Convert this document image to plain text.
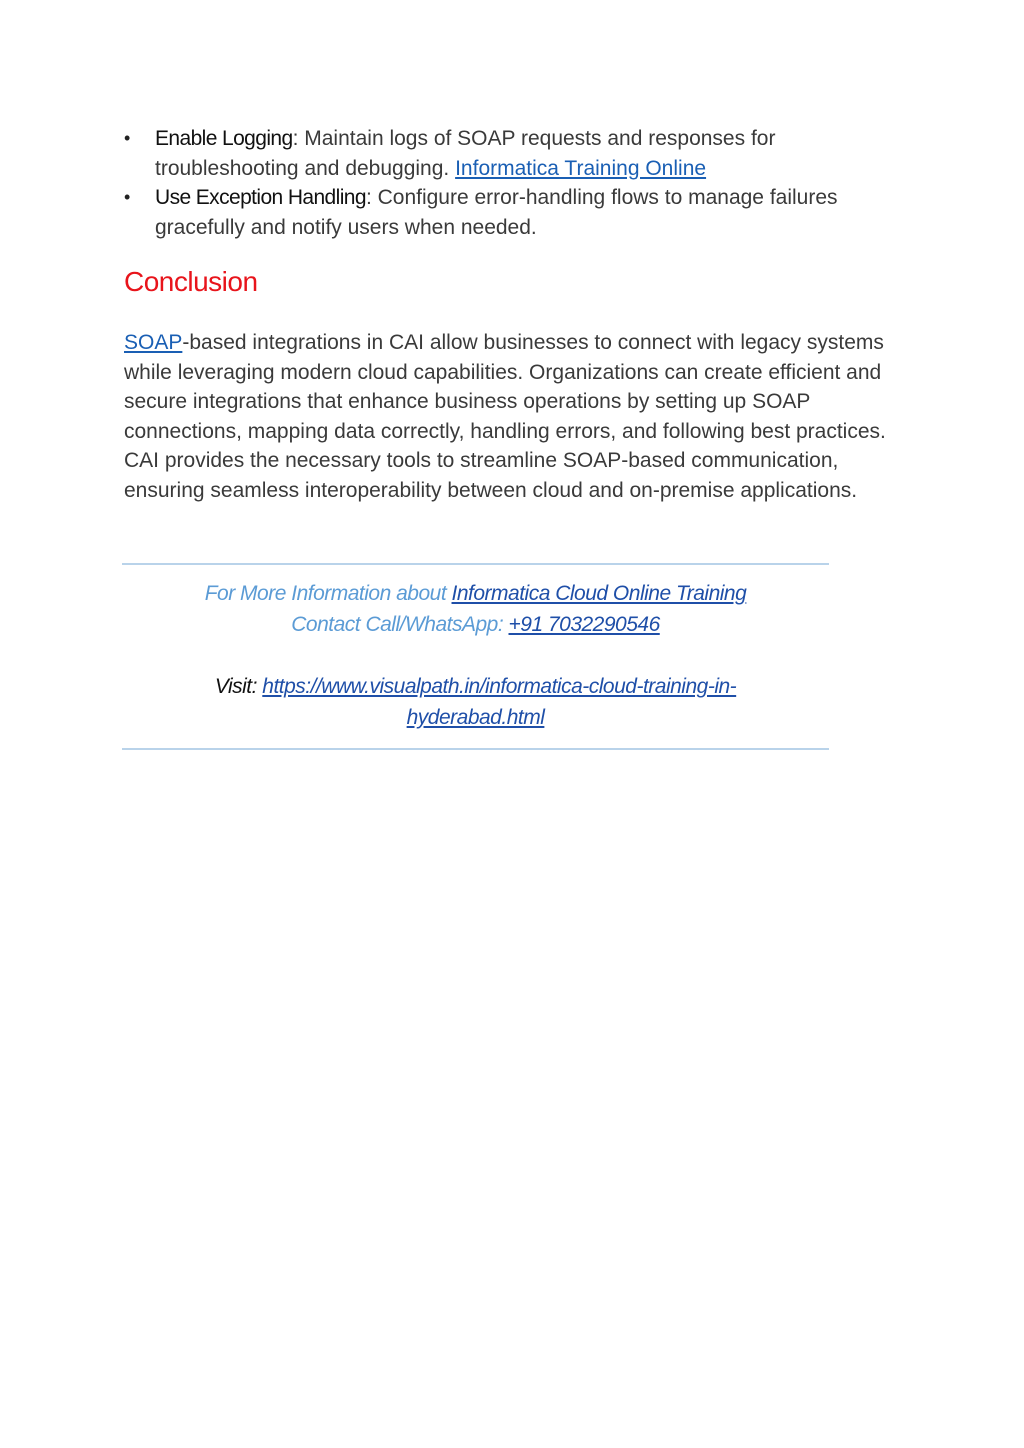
• Enable Logging: Maintain logs of SOAP requests and responses for troubleshooting and debugging. Informatica Training Online
• Use Exception Handling: Configure error-handling flows to manage failures gracefully and notify users when needed.
Conclusion

SOAP-based integrations in CAI allow businesses to connect with legacy systems while leveraging modern cloud capabilities. Organizations can create efficient and secure integrations that enhance business operations by setting up SOAP connections, mapping data correctly, handling errors, and following best practices. CAI provides the necessary tools to streamline SOAP-based communication, ensuring seamless interoperability between cloud and on-premise applications.

For More Information about Informatica Cloud Online Training
Contact Call/WhatsApp: +91 7032290546
Visit: https://www.visualpath.in/informatica-cloud-training-in-
hyderabad.html
